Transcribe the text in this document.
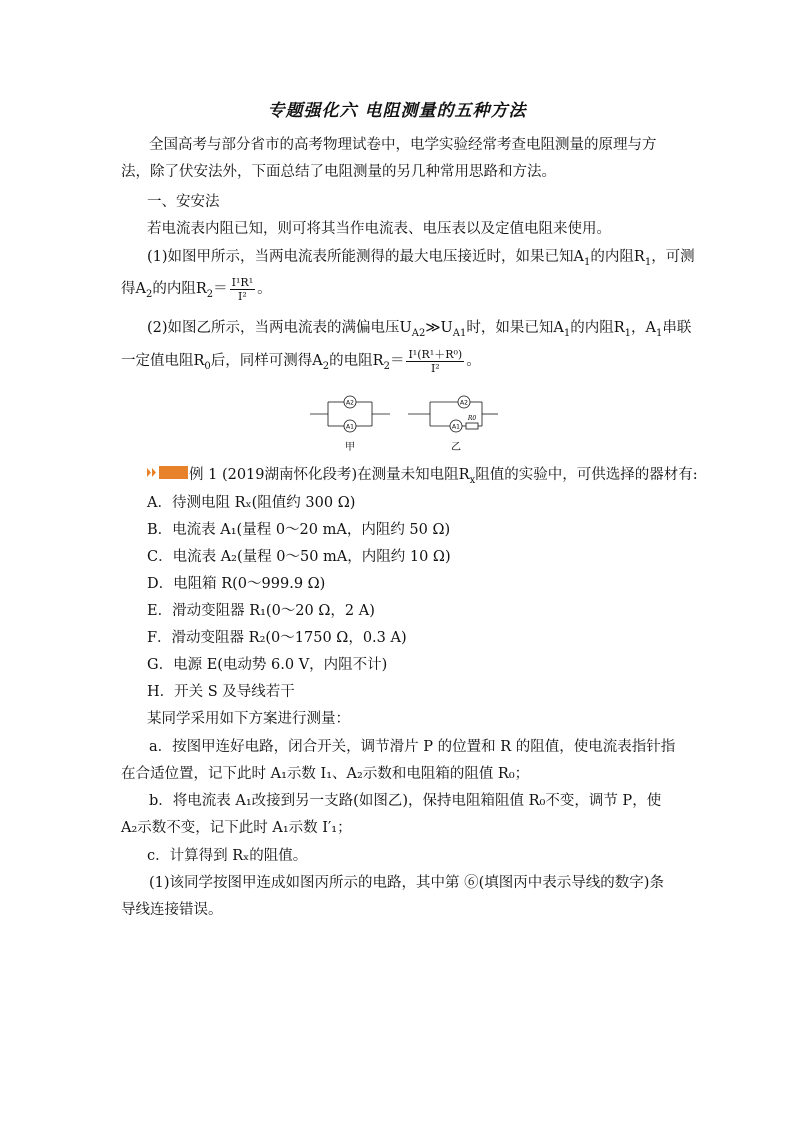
专题强化六 电阻测量的五种方法
全国高考与部分省市的高考物理试卷中，电学实验经常考查电阻测量的原理与方法，除了伏安法外，下面总结了电阻测量的另几种常用思路和方法。
一、安安法
若电流表内阻已知，则可将其当作电流表、电压表以及定值电阻来使用。
(1)如图甲所示，当两电流表所能测得的最大电压接近时，如果已知$A_1$的内阻$R_1$，可测
得$A_2$的内阻$R_2= \frac{\text{I¹R¹}}{\text{I²}}$ 。
(2)如图乙所示，当两电流表的满偏电压$U_{A2}≫U_{A1}$时，如果已知$A_1$的内阻$R_1$，$A_1$串联
一定值电阻$R_0$后，同样可测得$A_2$的电阻$R_2= \frac{\text{I¹(R¹＋R⁰)}}{\text{I²}}$ 。
A2
A1
甲
A2
A1
R0
乙
例 1 (2019湖南怀化段考)在测量未知电阻$R_x$阻值的实验中，可供选择的器材有:
A．待测电阻 Rₓ(阻值约 300 Ω)
B．电流表 A₁(量程 0～20 mA，内阻约 50 Ω)
C．电流表 A₂(量程 0～50 mA，内阻约 10 Ω)
D．电阻箱 R(0～999.9 Ω)
E．滑动变阻器 R₁(0～20 Ω，2 A)
F．滑动变阻器 R₂(0～1750 Ω，0.3 A)
G．电源 E(电动势 6.0 V，内阻不计)
H．开关 S 及导线若干
某同学采用如下方案进行测量：
a．按图甲连好电路，闭合开关，调节滑片 P 的位置和 R 的阻值，使电流表指针指在合适位置，记下此时 A₁示数 I₁、A₂示数和电阻箱的阻值 R₀；
b．将电流表 A₁改接到另一支路(如图乙)，保持电阻箱阻值 R₀不变，调节 P，使 A₂示数不变，记下此时 A₁示数 I′₁；
c．计算得到 Rₓ的阻值。
(1)该同学按图甲连成如图丙所示的电路，其中第 ⑥(填图丙中表示导线的数字)条导线连接错误。
